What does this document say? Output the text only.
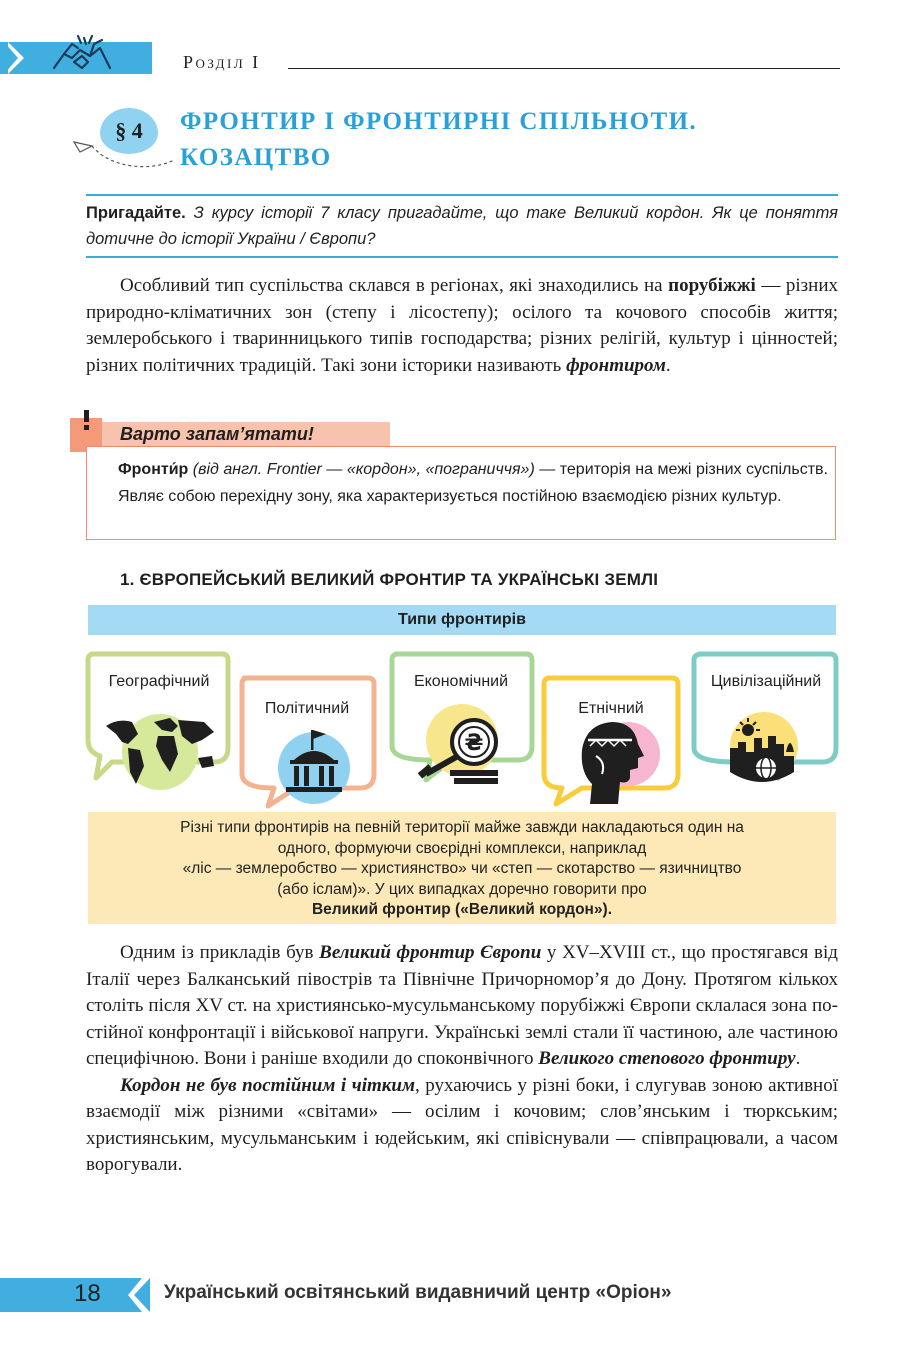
Розділ І
§ 4	ФРОНТИР І ФРОНТИРНІ СПІЛЬНОТИ.
КОЗАЦТВО
Пригадайте. З курсу історії 7 класу пригадайте, що таке Великий кордон. Як це поняття дотичне до історії України / Європи?

Особливий тип суспільства склався в регіонах, які знаходились на порубіжжі — різних природно-кліматичних зон (степу і лісостепу); осілого та кочового способів життя; землеробського і тваринницького типів господарства; різних релігій, культур і цінностей; різних політичних традицій. Такі зони історики називають фронтиром.

Варто запам’ятати!
Фронти́р (від англ. Frontier — «кордон», «пограниччя») — територія на межі різних суспільств. Являє собою перехідну зону, яка характеризується постійною взаємодією різних культур.
1. ЄВРОПЕЙСЬКИЙ ВЕЛИКИЙ ФРОНТИР ТА УКРАЇНСЬКІ ЗЕМЛІ
Типи фронтирів
₴
Географічний
Політичний
Економічний
Етнічний
Цивілізаційний
Різні типи фронтирів на певній території майже завжди накладаються один на
одного, формуючи своєрідні комплекси, наприклад
«ліс — землеробство — християнство» чи «степ — скотарство — язичництво
(або іслам)». У цих випадках доречно говорити про
Великий фронтир («Великий кордон»).

Одним із прикладів був Великий фронтир Європи у XV–XVIII ст., що простягався від Італії через Балканський півострів та Північне Причорномор’я до Дону. Протягом кількох століть після XV ст. на християнсько-мусульманському порубіжжі Європи склалася зона постійної конфронтації і військової напруги. Українські землі стали її частиною, але частиною специфічною. Вони і раніше входили до споконвічного Великого степового фронтиру.

Кордон не був постійним і чітким, рухаючись у різні боки, і слугував зоною активної взаємодії між різними «світами» — осілим і кочовим; слов’янським і тюркським; християнським, мусульманським і юдейським, які співіснували — співпрацювали, а часом ворогували.

18	Український освітянський видавничий центр «Оріон»
